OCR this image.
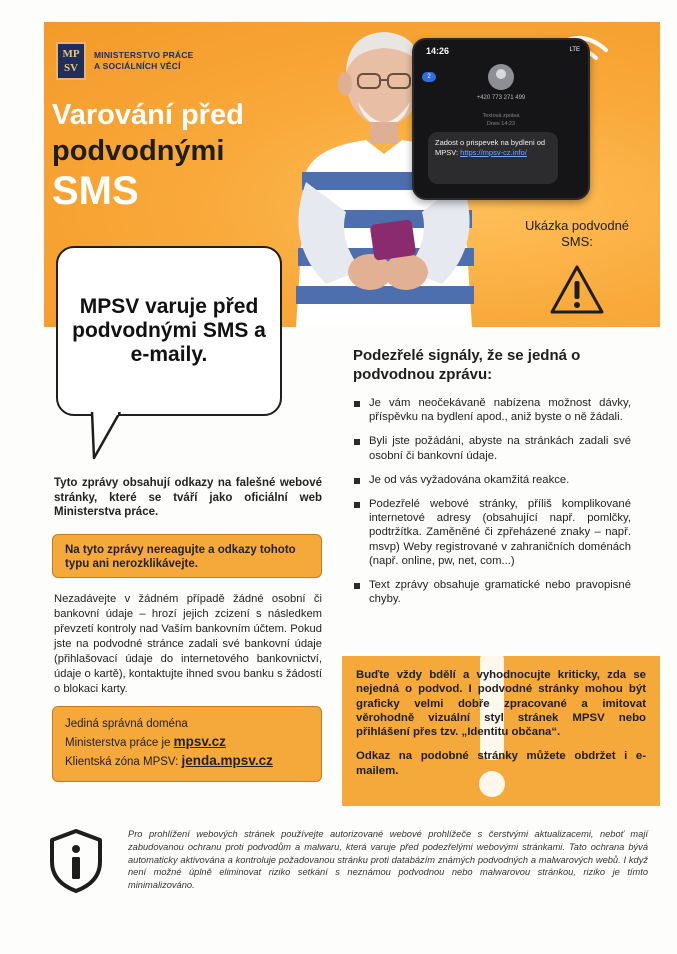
MP
SV
MINISTERSTVO PRÁCE
A SOCIÁLNÍCH VĚCÍ
Varování před
podvodnými
SMS
Ukázka podvodné SMS:
14:26	LTE
2
+420 773 271 499
Textová zpráva
Dnes 14:23
Zadost o prispevek na bydleni od MPSV: https://mpsv-cz.info/
MPSV varuje před podvodnými SMS a e-maily.
Tyto zprávy obsahují odkazy na falešné webové stránky, které se tváří jako oficiální web Ministerstva práce.
Na tyto zprávy nereagujte a odkazy tohoto typu ani nerozklikávejte.
Nezadávejte v žádném případě žádné osobní či bankovní údaje – hrozí jejich zcizení s následkem převzetí kontroly nad Vaším bankovním účtem. Pokud jste na podvodné stránce zadali své bankovní údaje (přihlašovací údaje do internetového bankovnictví, údaje o kartě), kontaktujte ihned svou banku s žádostí o blokaci karty.
Jediná správná doména
Ministerstva práce je mpsv.cz
Klientská zóna MPSV: jenda.mpsv.cz
Podezřelé signály, že se jedná o podvodnou zprávu:
Je vám neočekávaně nabízena možnost dávky, příspěvku na bydlení apod., aniž byste o ně žádali.
Byli jste požádáni, abyste na stránkách zadali své osobní či bankovní údaje.
Je od vás vyžadována okamžitá reakce.
Podezřelé webové stránky, příliš komplikované internetové adresy (obsahující např. pomlčky, podtržítka. Zaměněné či zpřeházené znaky – např. msvp) Weby registrované v zahraničních doménách (např. online, pw, net, com...)
Text zprávy obsahuje gramatické nebo pravopisné chyby.

Buďte vždy bdělí a vyhodnocujte kriticky, zda se nejedná o podvod. I podvodné stránky mohou být graficky velmi dobře zpracované a imitovat věrohodně vizuální styl stránek MPSV nebo přihlášení přes tzv. „Identitu občana“.

Odkaz na podobné stránky můžete obdržet i e-mailem.

Pro prohlížení webových stránek používejte autorizované webové prohlížeče s čerstvými aktualizacemi, neboť mají zabudovanou ochranu proti podvodům a malwaru, která varuje před podezřelými webovými stránkami. Tato ochrana bývá automaticky aktivována a kontroluje požadovanou stránku proti databázím známých podvodných a malwarových webů. I když není možné úplně eliminovat riziko setkání s neznámou podvodnou nebo malwarovou stránkou, riziko je tímto minimalizováno.
